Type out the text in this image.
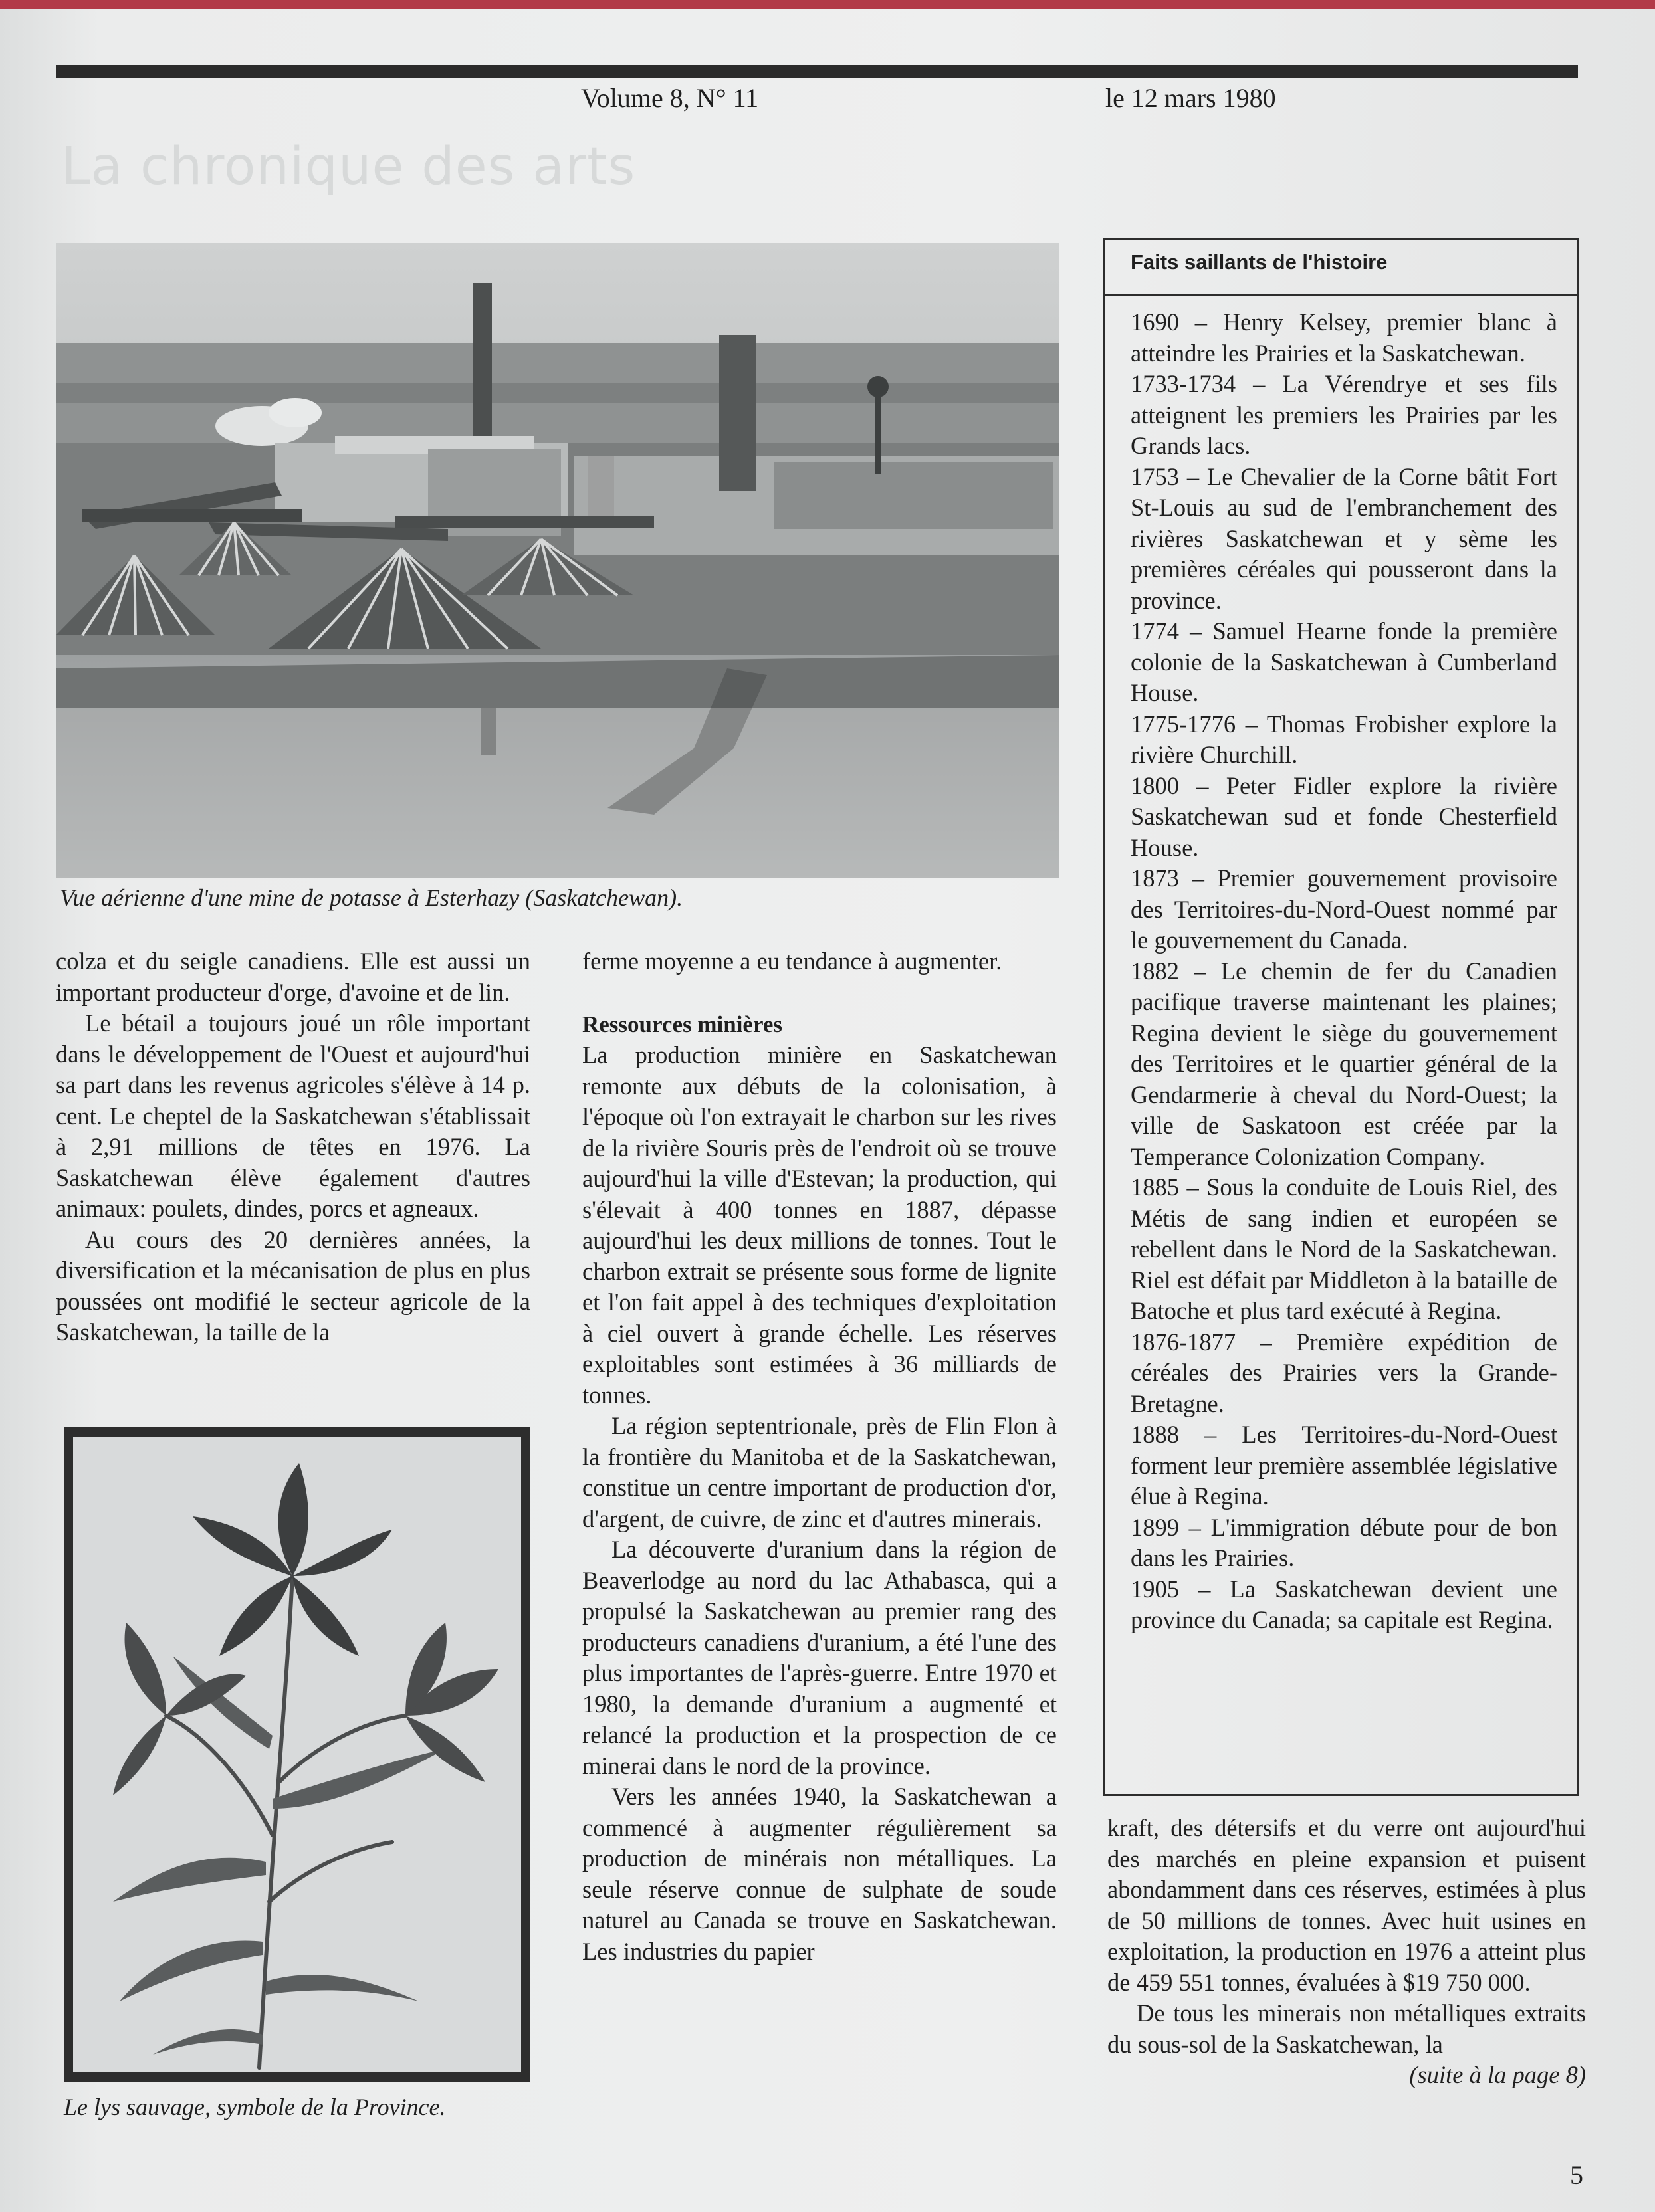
Volume 8, N° 11	le 12 mars 1980
La chronique des arts
Vue aérienne d'une mine de potasse à Esterhazy (Saskatchewan).

colza et du seigle canadiens. Elle est aussi un important producteur d'orge, d'avoine et de lin.

Le bétail a toujours joué un rôle important dans le développement de l'Ouest et aujourd'hui sa part dans les revenus agricoles s'élève à 14 p. cent. Le cheptel de la Saskatchewan s'établissait à 2,91 millions de têtes en 1976. La Saskatchewan élève également d'autres animaux: poulets, dindes, porcs et agneaux.

Au cours des 20 dernières années, la diversification et la mécanisation de plus en plus poussées ont modifié le secteur agricole de la Saskatchewan, la taille de la

Le lys sauvage, symbole de la Province.

ferme moyenne a eu tendance à augmenter.

Ressources minières

La production minière en Saskatchewan remonte aux débuts de la colonisation, à l'époque où l'on extrayait le charbon sur les rives de la rivière Souris près de l'endroit où se trouve aujourd'hui la ville d'Estevan; la production, qui s'élevait à 400 tonnes en 1887, dépasse aujourd'hui les deux millions de tonnes. Tout le charbon extrait se présente sous forme de lignite et l'on fait appel à des techniques d'exploitation à ciel ouvert à grande échelle. Les réserves exploitables sont estimées à 36 milliards de tonnes.

La région septentrionale, près de Flin Flon à la frontière du Manitoba et de la Saskatchewan, constitue un centre important de production d'or, d'argent, de cuivre, de zinc et d'autres minerais.

La découverte d'uranium dans la région de Beaverlodge au nord du lac Athabasca, qui a propulsé la Saskatchewan au premier rang des producteurs canadiens d'uranium, a été l'une des plus importantes de l'après-guerre. Entre 1970 et 1980, la demande d'uranium a augmenté et relancé la production et la prospection de ce minerai dans le nord de la province.

Vers les années 1940, la Saskatchewan a commencé à augmenter régulièrement sa production de minérais non métalliques. La seule réserve connue de sulphate de soude naturel au Canada se trouve en Saskatchewan. Les industries du papier

Faits saillants de l'histoire

1690 – Henry Kelsey, premier blanc à atteindre les Prairies et la Saskatchewan.

1733-1734 – La Vérendrye et ses fils atteignent les premiers les Prairies par les Grands lacs.

1753 – Le Chevalier de la Corne bâtit Fort St-Louis au sud de l'embranchement des rivières Saskatchewan et y sème les premières céréales qui pousseront dans la province.

1774 – Samuel Hearne fonde la première colonie de la Saskatchewan à Cumberland House.

1775-1776 – Thomas Frobisher explore la rivière Churchill.

1800 – Peter Fidler explore la rivière Saskatchewan sud et fonde Chesterfield House.

1873 – Premier gouvernement provisoire des Territoires-du-Nord-Ouest nommé par le gouvernement du Canada.

1882 – Le chemin de fer du Canadien pacifique traverse maintenant les plaines; Regina devient le siège du gouvernement des Territoires et le quartier général de la Gendarmerie à cheval du Nord-Ouest; la ville de Saskatoon est créée par la Temperance Colonization Company.

1885 – Sous la conduite de Louis Riel, des Métis de sang indien et européen se rebellent dans le Nord de la Saskatchewan. Riel est défait par Middleton à la bataille de Batoche et plus tard exécuté à Regina.

1876-1877 – Première expédition de céréales des Prairies vers la Grande-Bretagne.

1888 – Les Territoires-du-Nord-Ouest forment leur première assemblée législative élue à Regina.

1899 – L'immigration débute pour de bon dans les Prairies.

1905 – La Saskatchewan devient une province du Canada; sa capitale est Regina.

kraft, des détersifs et du verre ont aujourd'hui des marchés en pleine expansion et puisent abondamment dans ces réserves, estimées à plus de 50 millions de tonnes. Avec huit usines en exploitation, la production en 1976 a atteint plus de 459 551 tonnes, évaluées à $19 750 000.

De tous les minerais non métalliques extraits du sous-sol de la Saskatchewan, la

(suite à la page 8)

5
